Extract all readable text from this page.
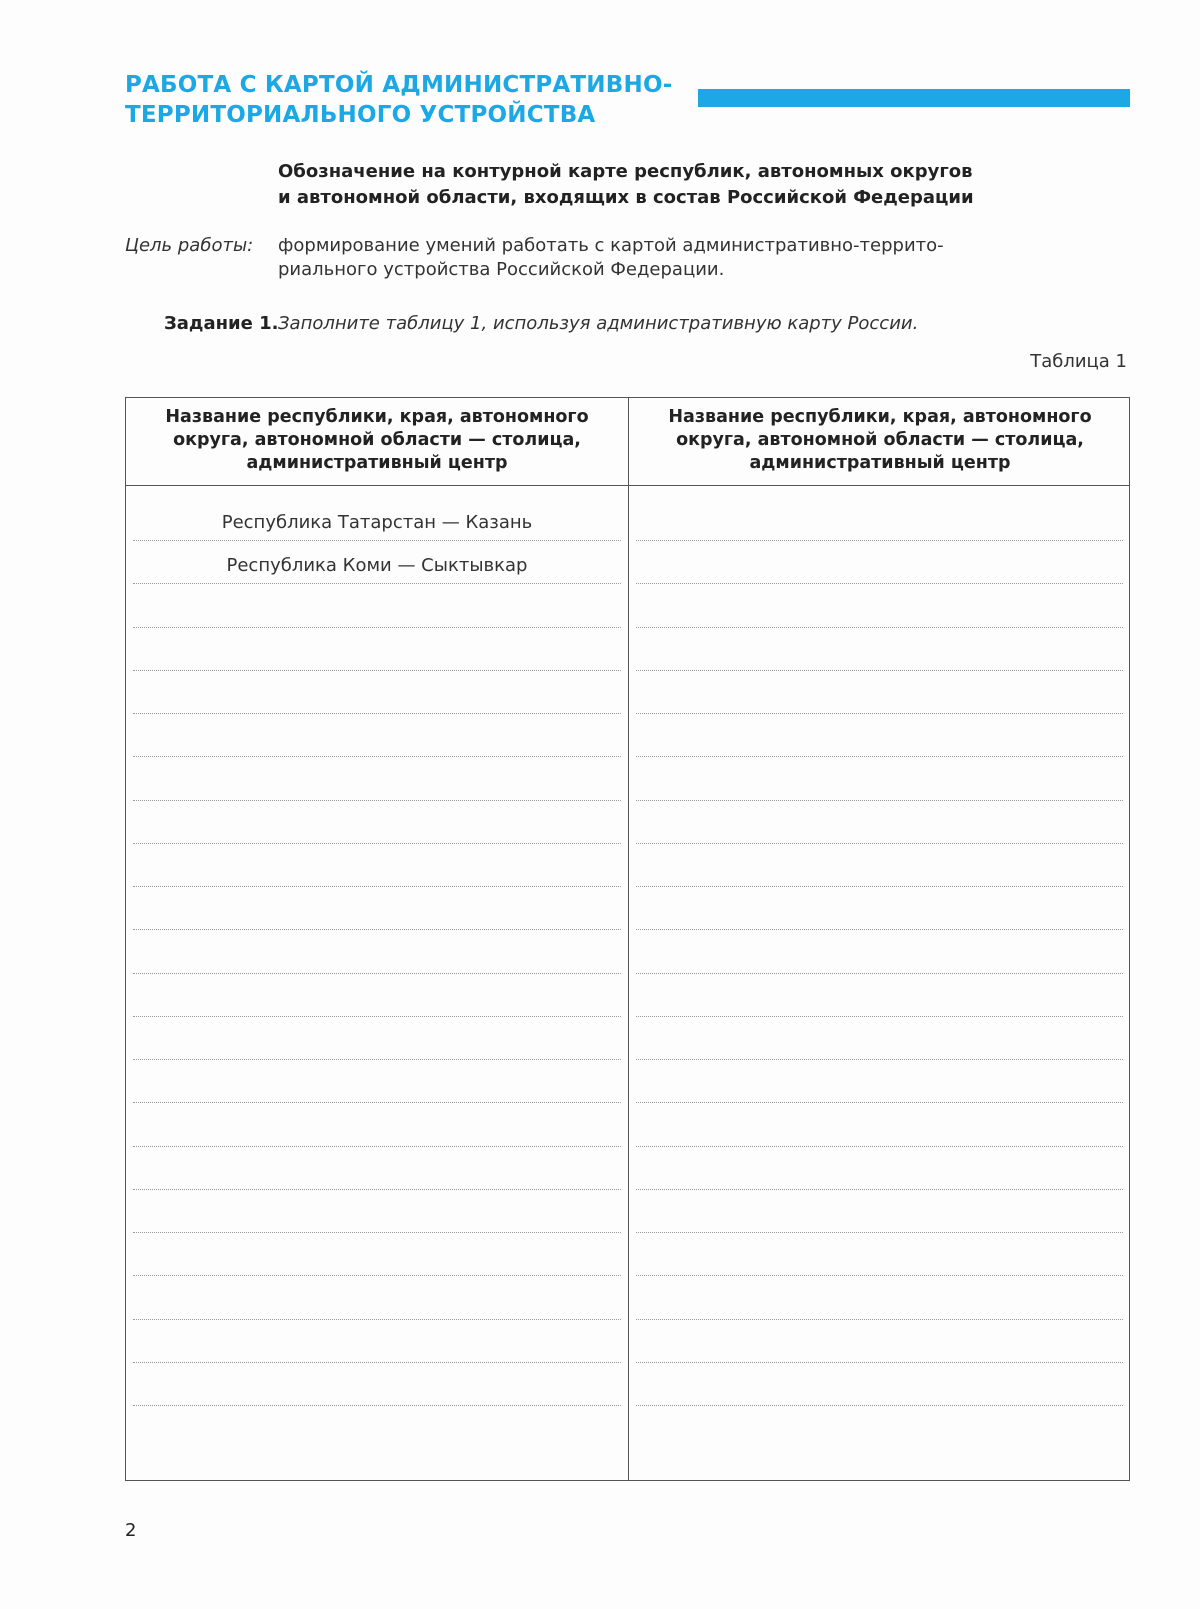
РАБОТА С КАРТОЙ АДМИНИСТРАТИВНО-
ТЕРРИТОРИАЛЬНОГО УСТРОЙСТВА
Обозначение на контурной карте республик, автономных округов
и автономной области, входящих в состав Российской Федерации
Цель работы: формирование умений работать с картой административно-террито-
риального устройства Российской Федерации.
Задание 1. Заполните таблицу 1, используя административную карту России.
Таблица 1
Название республики, края, автономного
округа, автономной области — столица,
административный центр
Название республики, края, автономного
округа, автономной области — столица,
административный центр
Республика Татарстан — Казань
Республика Коми — Сыктывкар
2
